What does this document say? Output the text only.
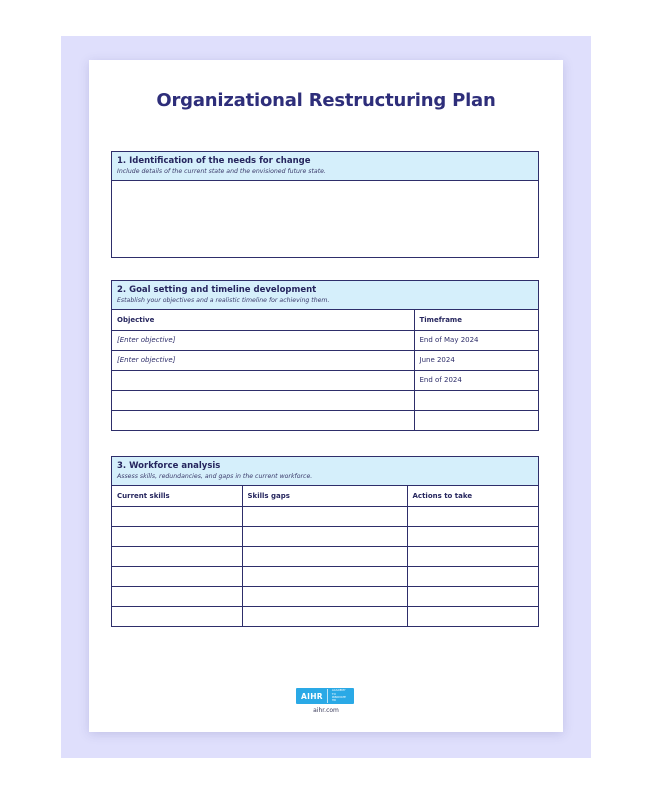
Organizational Restructuring Plan
1. Identification of the needs for change
Include details of the current state and the envisioned future state.
2. Goal setting and timeline development
Establish your objectives and a realistic timeline for achieving them.
Objective	Timeframe
[Enter objective]	End of May 2024
[Enter objective]	June 2024
	End of 2024

3. Workforce analysis
Assess skills, redundancies, and gaps in the current workforce.
Current skills	Skills gaps	Actions to take

AIHR
ACADEMY TO INNOVATE HR
aihr.com
